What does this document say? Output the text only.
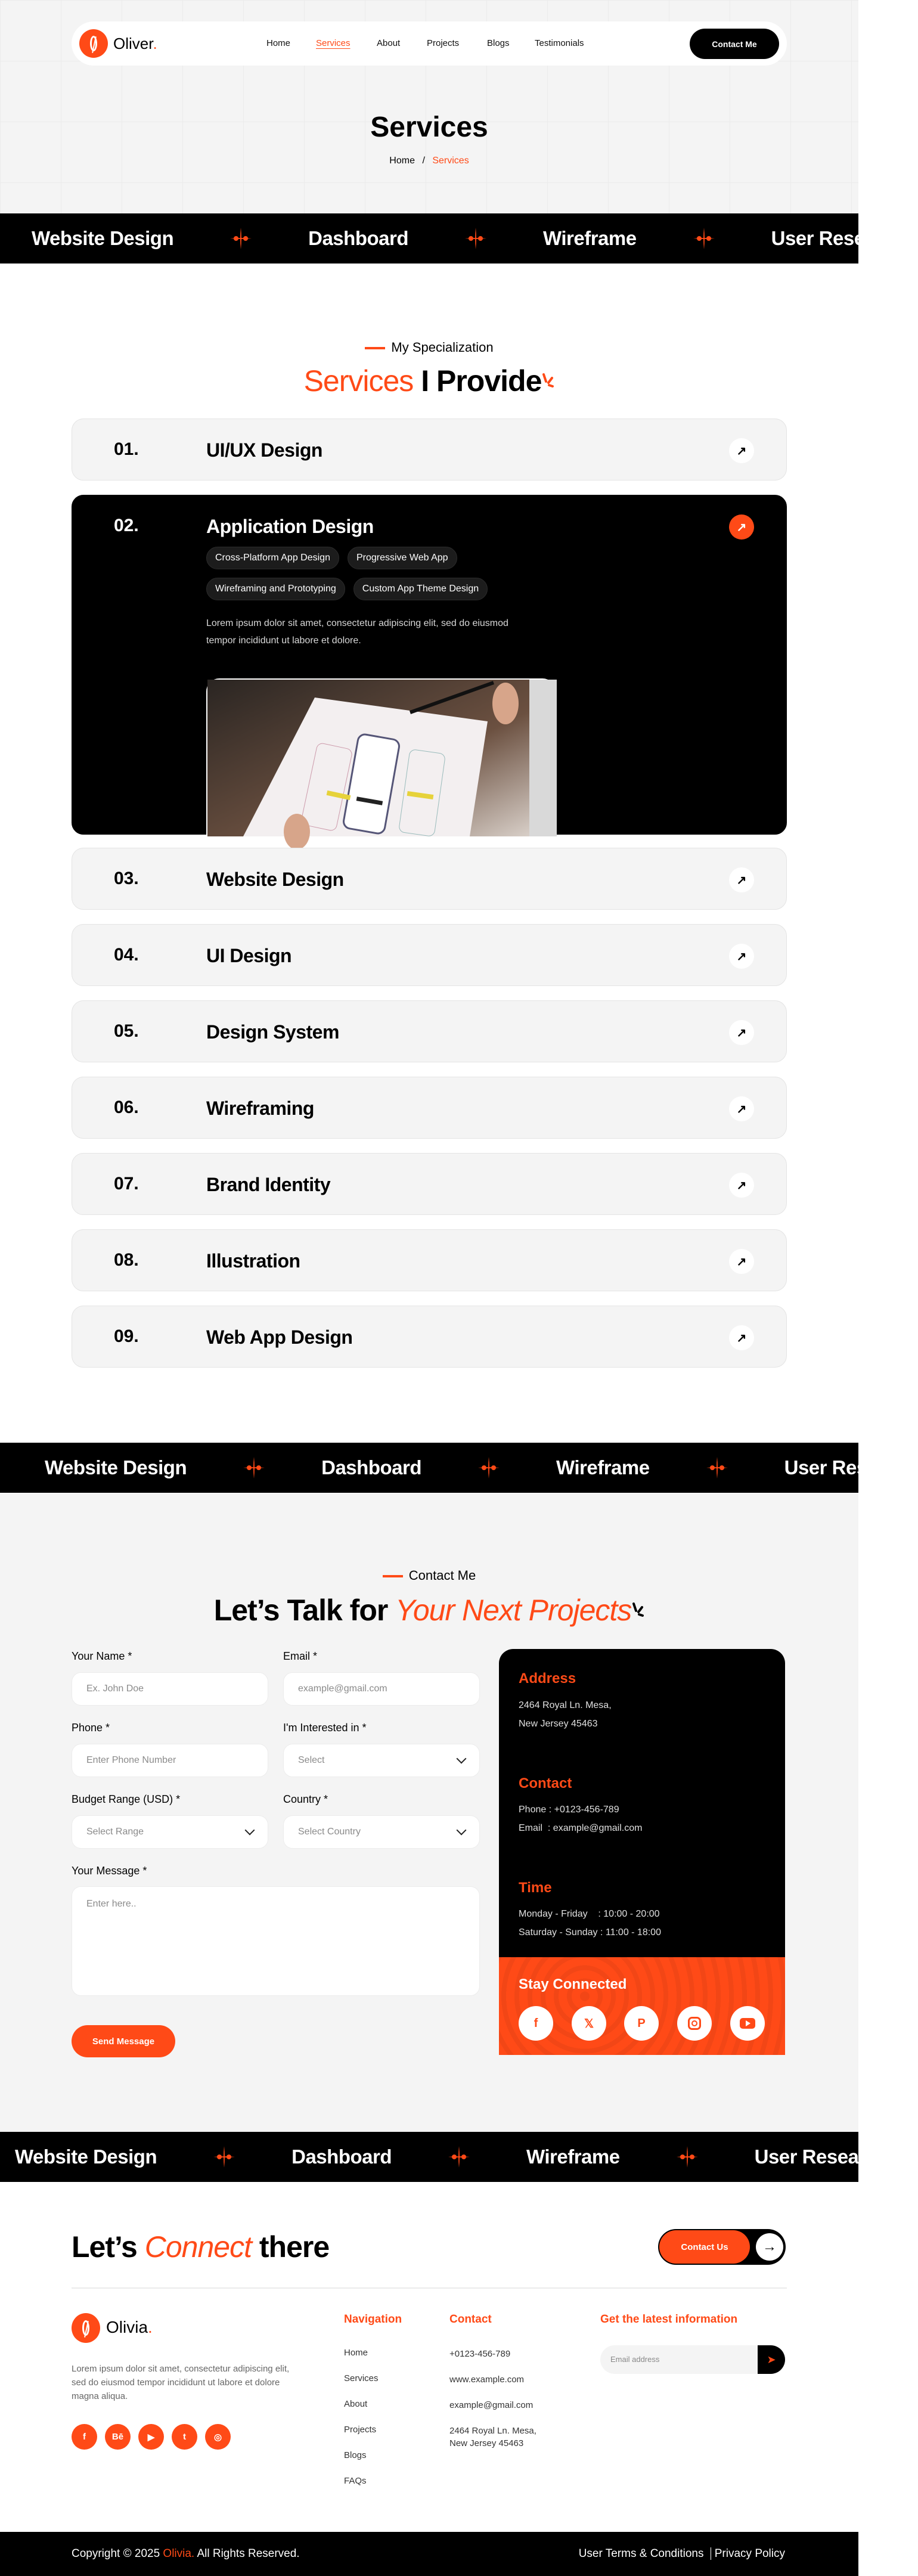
Oliver.	Home	Services	About	Projects	Blogs	Testimonials	Contact Me
Services
Home / Services
Website Design	Dashboard	Wireframe	User Research
My Specialization
Services I Provide
01.	UI/UX Design	↗
02.	Application Design	↗
Cross-Platform App Design	Progressive Web App
Wireframing and Prototyping	Custom App Theme Design
Lorem ipsum dolor sit amet, consectetur adipiscing elit, sed do eiusmod tempor incididunt ut labore et dolore.
03.	Website Design	↗
04.	UI Design	↗
05.	Design System	↗
06.	Wireframing	↗
07.	Brand Identity	↗
08.	Illustration	↗
09.	Web App Design	↗
Website Design	Dashboard	Wireframe	User Research
Contact Me
Let’s Talk for Your Next Projects
Your Name *
Ex. John Doe
Email *
example@gmail.com
Phone *
Enter Phone Number
I'm Interested in *
Select
Budget Range (USD) *
Select Range
Country *
Select Country
Your Message *
Enter here..
Send Message
Address

2464 Royal Ln. Mesa,
New Jersey 45463

Contact

Phone : +0123-456-789

Email  : example@gmail.com

Time

Monday - Friday    : 10:00 - 20:00

Saturday - Sunday : 11:00 - 18:00

Stay Connected
f	𝕏	P
Website Design	Dashboard	Wireframe	User Research
Let’s Connect there	Contact Us	→
Olivia.
Lorem ipsum dolor sit amet, consectetur adipiscing elit, sed do eiusmod tempor incididunt ut labore et dolore magna aliqua.
f	Bē	▶	t	◎
Navigation
Home
Services
About
Projects
Blogs
FAQs
Contact
+0123-456-789
www.example.com
example@gmail.com
2464 Royal Ln. Mesa,
New Jersey 45463
Get the latest information
Email address	➤
Copyright © 2025 Olivia. All Rights Reserved.	User Terms & Conditions Privacy Policy
